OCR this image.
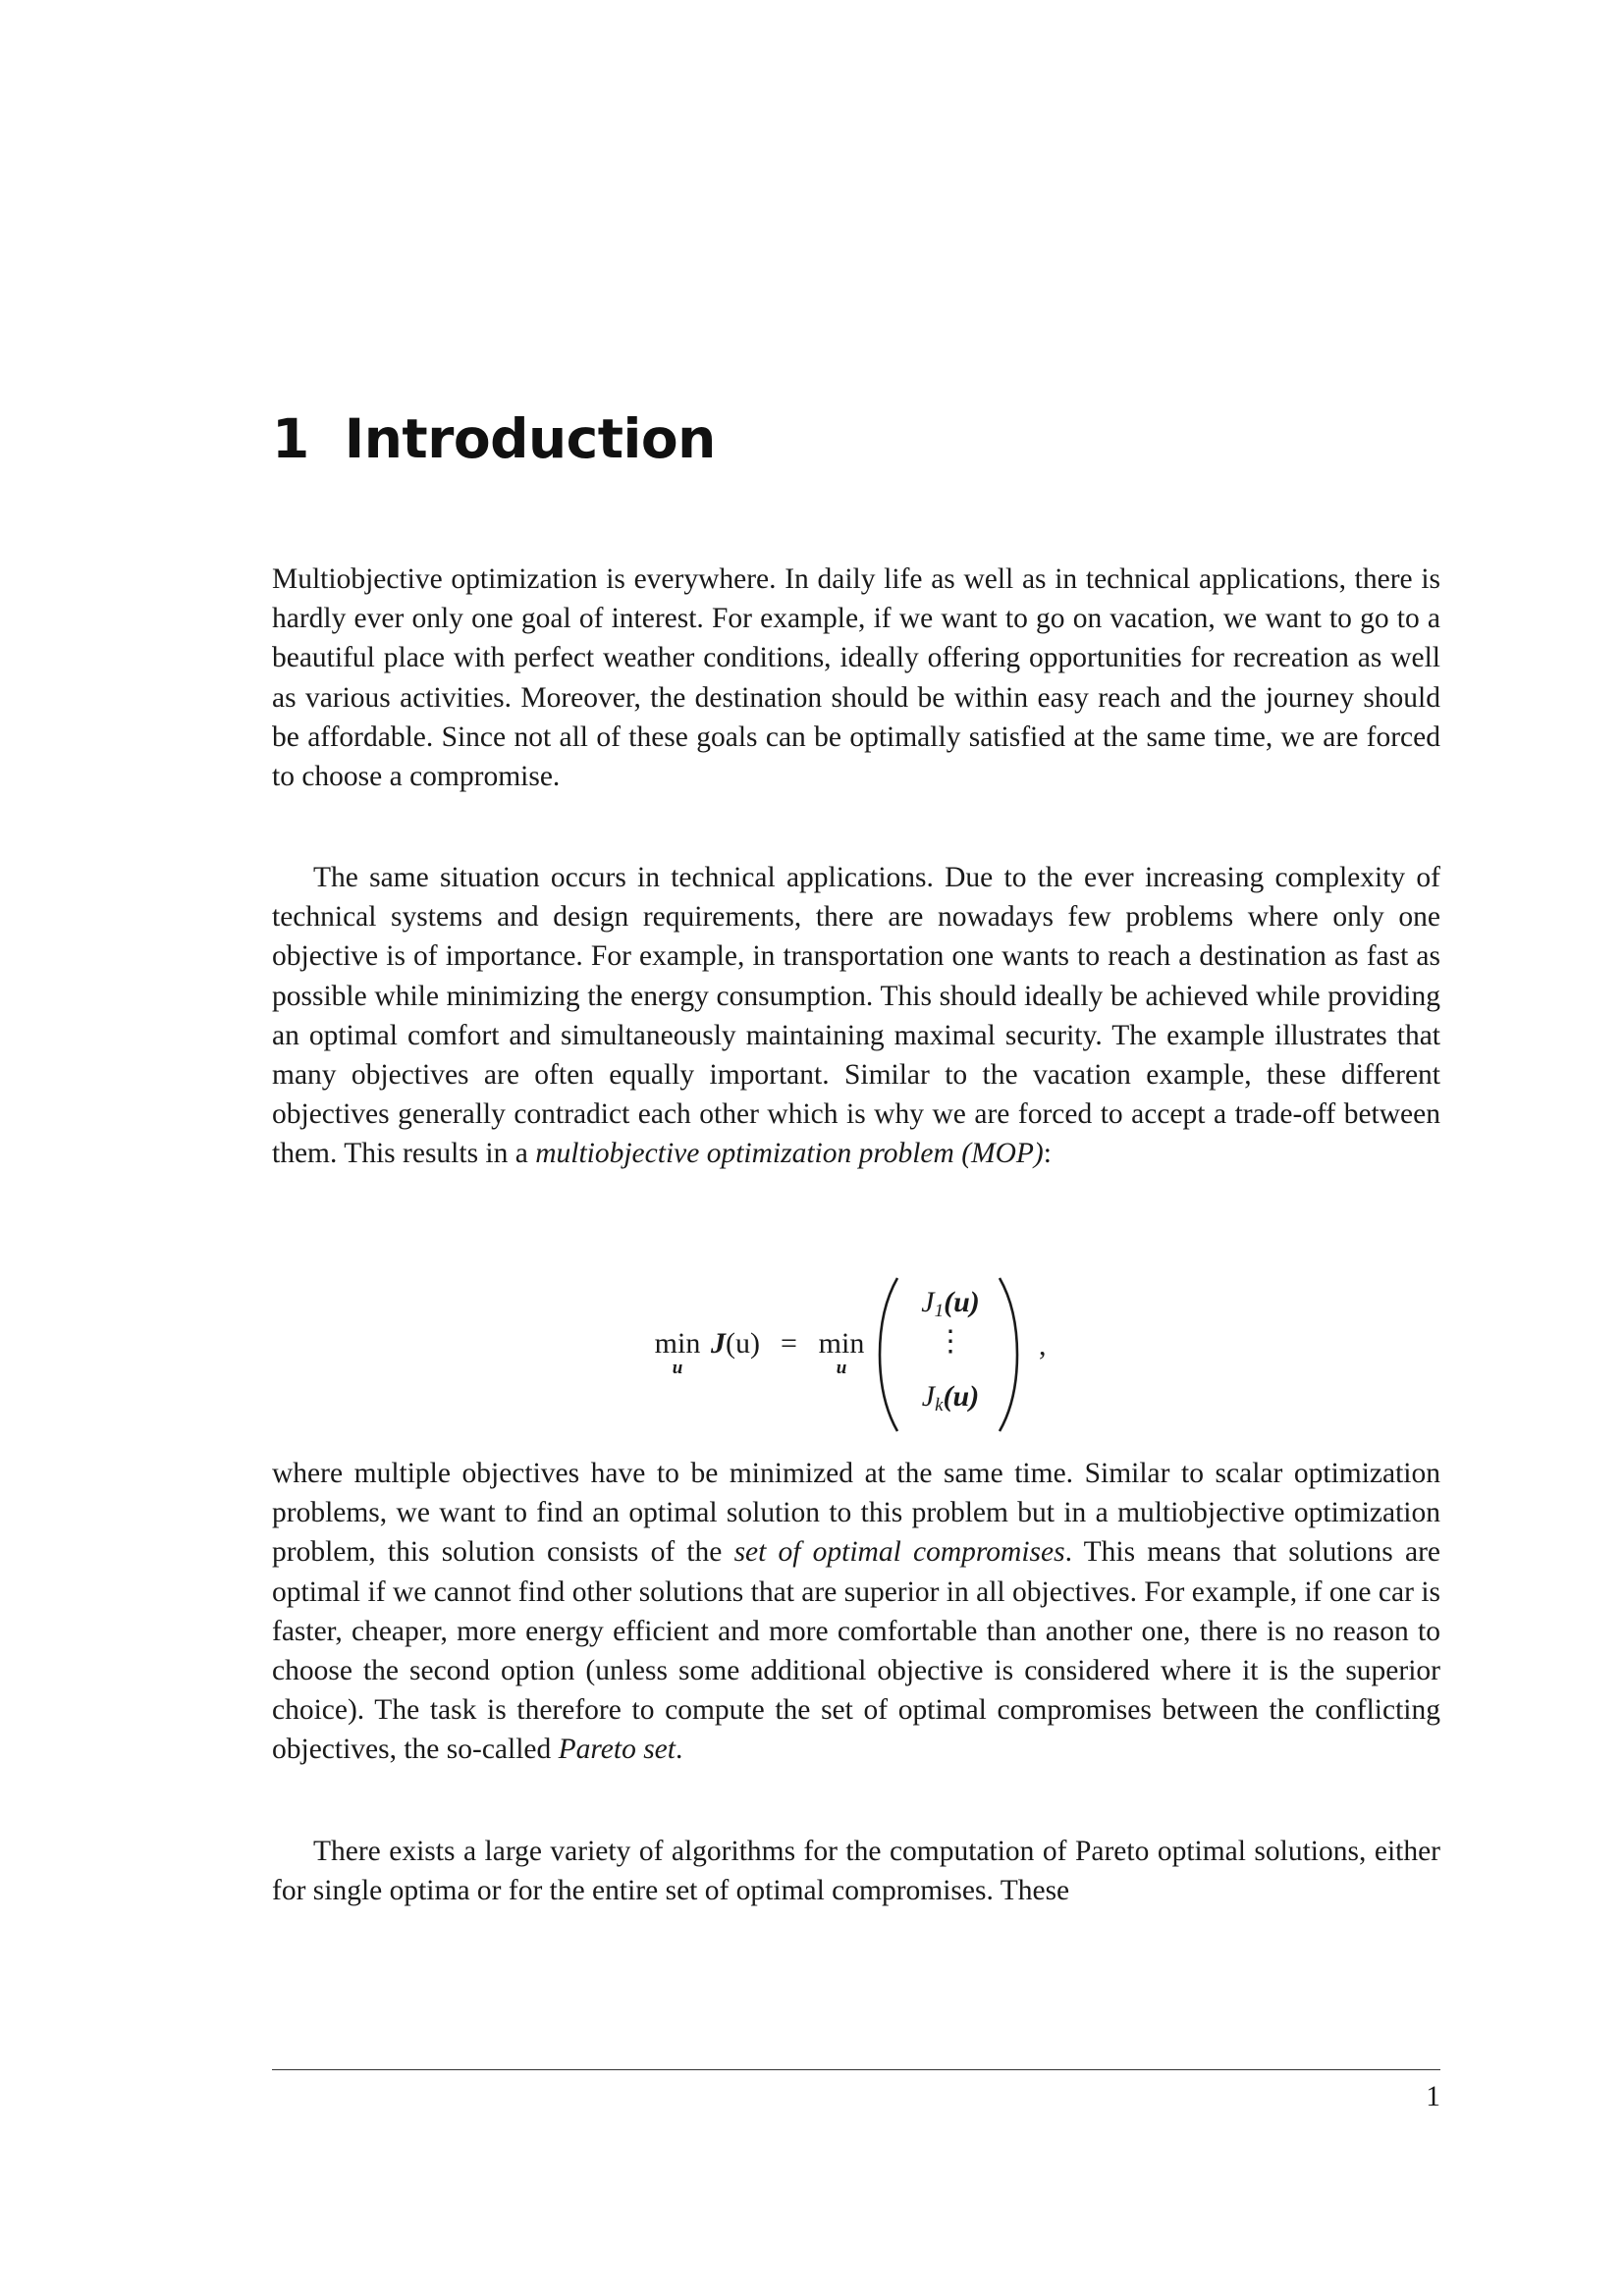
1 Introduction

Multiobjective optimization is everywhere. In daily life as well as in technical applications, there is hardly ever only one goal of interest. For example, if we want to go on vacation, we want to go to a beautiful place with perfect weather conditions, ideally offering opportunities for recreation as well as various activities. Moreover, the destination should be within easy reach and the journey should be affordable. Since not all of these goals can be optimally satisfied at the same time, we are forced to choose a compromise.

The same situation occurs in technical applications. Due to the ever increasing complexity of technical systems and design requirements, there are nowadays few problems where only one objective is of importance. For example, in transportation one wants to reach a destination as fast as possible while minimizing the energy consumption. This should ideally be achieved while providing an optimal comfort and simultaneously maintaining maximal security. The example illustrates that many objectives are often equally important. Similar to the vacation example, these different objectives generally contradict each other which is why we are forced to accept a trade-off between them. This results in a multiobjective optimization problem (MOP):

min
u
J(u) = min
u
$J_1(u)$
⋮
$J_k(u)$
,

where multiple objectives have to be minimized at the same time. Similar to scalar optimization problems, we want to find an optimal solution to this problem but in a multiobjective optimization problem, this solution consists of the set of optimal compromises. This means that solutions are optimal if we cannot find other solutions that are superior in all objectives. For example, if one car is faster, cheaper, more energy efficient and more comfortable than another one, there is no reason to choose the second option (unless some additional objective is considered where it is the superior choice). The task is therefore to compute the set of optimal compromises between the conflicting objectives, the so-called Pareto set.

There exists a large variety of algorithms for the computation of Pareto optimal solutions, either for single optima or for the entire set of optimal compromises. These

1
